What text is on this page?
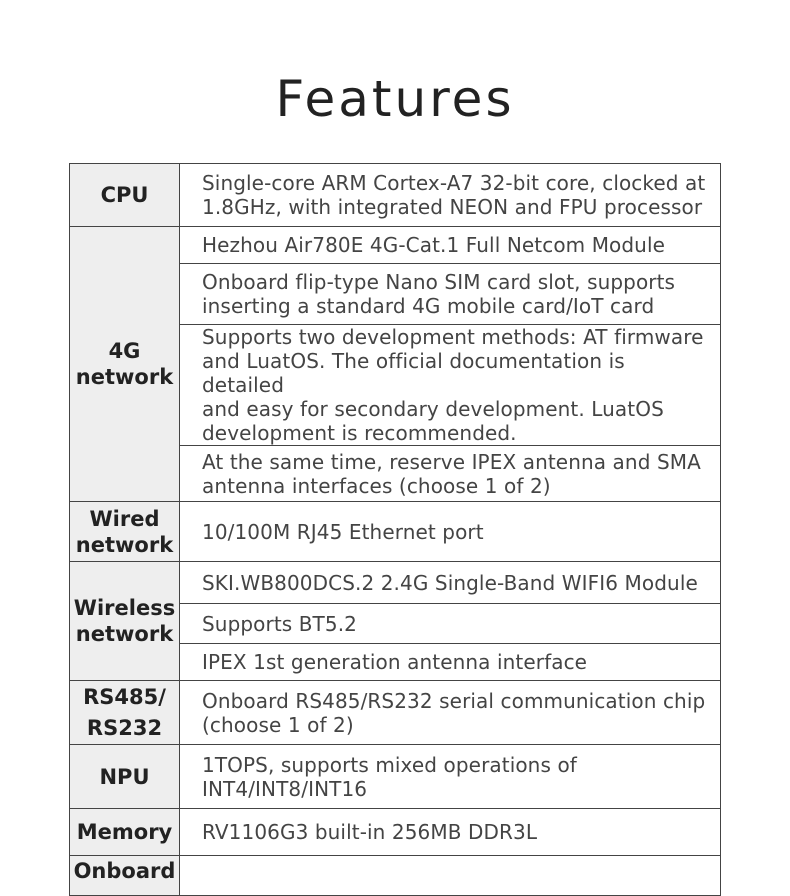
Features
CPU	Single-core ARM Cortex-A7 32-bit core, clocked at
1.8GHz, with integrated NEON and FPU processor

4G
network	Hezhou Air780E 4G-Cat.1 Full Netcom Module

	Onboard flip-type Nano SIM card slot, supports
inserting a standard 4G mobile card/IoT card

	Supports two development methods: AT firmware
and LuatOS. The official documentation is detailed
and easy for secondary development. LuatOS
development is recommended.

	At the same time, reserve IPEX antenna and SMA
antenna interfaces (choose 1 of 2)

Wired
network	10/100M RJ45 Ethernet port

Wireless
network	SKI.WB800DCS.2 2.4G Single-Band WIFI6 Module

	Supports BT5.2

	IPEX 1st generation antenna interface

RS485/
RS232	Onboard RS485/RS232 serial communication chip
(choose 1 of 2)

NPU	1TOPS, supports mixed operations of
INT4/INT8/INT16

Memory	RV1106G3 built-in 256MB DDR3L

Onboard	
